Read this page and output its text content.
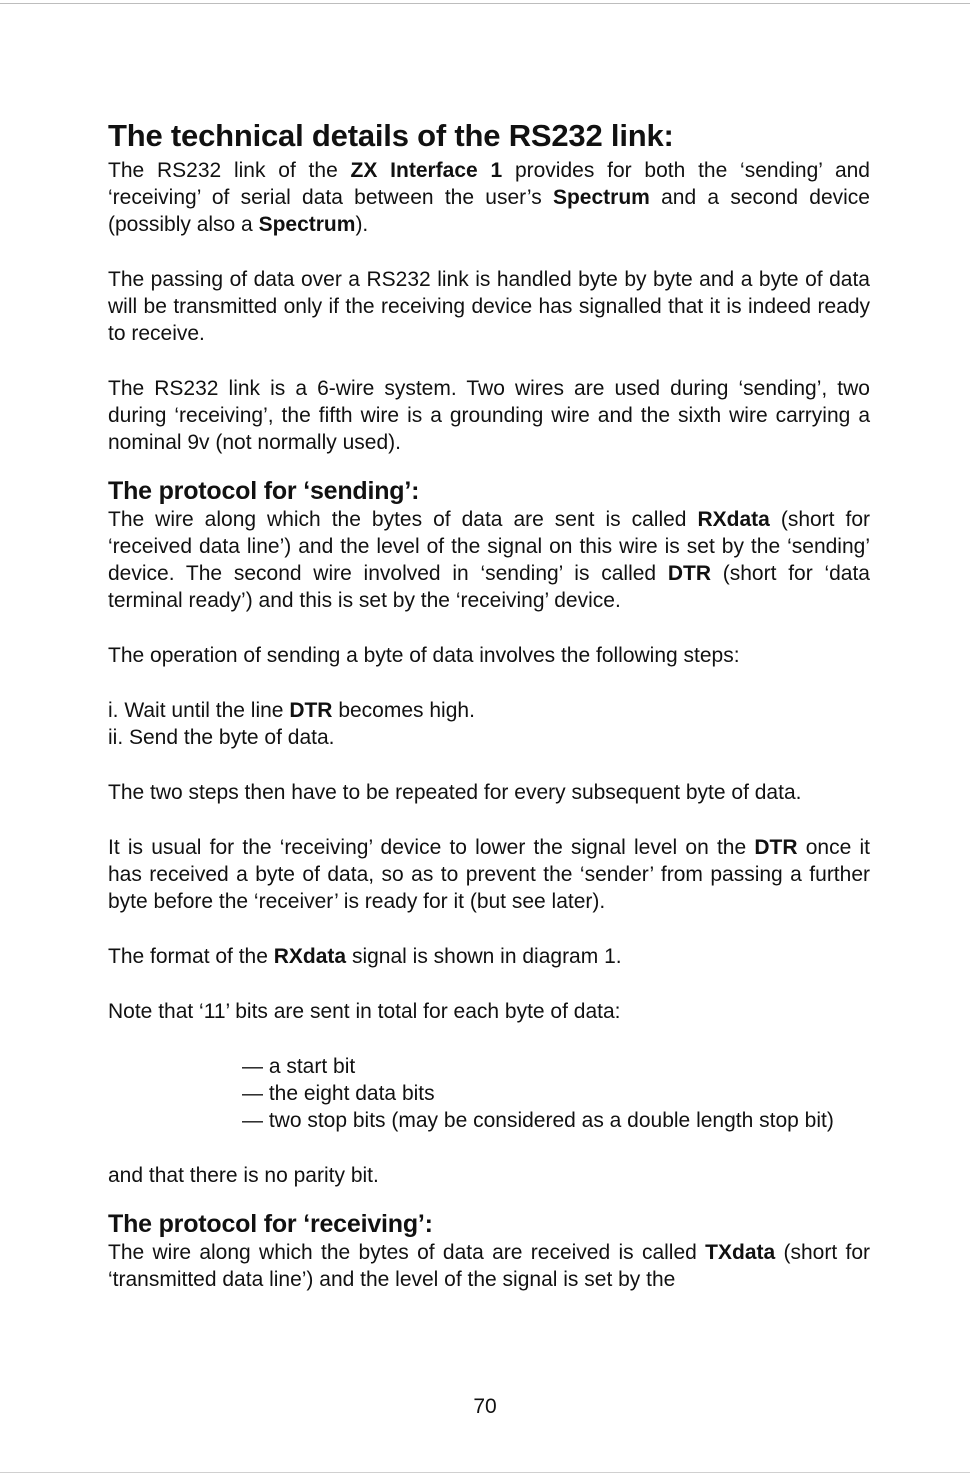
The technical details of the RS232 link:

The RS232 link of the ZX Interface 1 provides for both the ‘sending’ and ‘receiving’ of serial data between the user’s Spectrum and a second device (possibly also a Spectrum).

The passing of data over a RS232 link is handled byte by byte and a byte of data will be transmitted only if the receiving device has signalled that it is indeed ready to receive.

The RS232 link is a 6-wire system. Two wires are used during ‘sending’, two during ‘receiving’, the fifth wire is a grounding wire and the sixth wire carrying a nominal 9v (not normally used).

The protocol for ‘sending’:

The wire along which the bytes of data are sent is called RXdata (short for ‘received data line’) and the level of the signal on this wire is set by the ‘sending’ device. The second wire involved in ‘sending’ is called DTR (short for ‘data terminal ready’) and this is set by the ‘receiving’ device.

The operation of sending a byte of data involves the following steps:

i. Wait until the line DTR becomes high.
ii. Send the byte of data.

The two steps then have to be repeated for every subsequent byte of data.

It is usual for the ‘receiving’ device to lower the signal level on the DTR once it has received a byte of data, so as to prevent the ‘sender’ from passing a further byte before the ‘receiver’ is ready for it (but see later).

The format of the RXdata signal is shown in diagram 1.

Note that ‘11’ bits are sent in total for each byte of data:

— a start bit
— the eight data bits
— two stop bits (may be considered as a double length stop bit)

and that there is no parity bit.

The protocol for ‘receiving’:

The wire along which the bytes of data are received is called TXdata (short for ‘transmitted data line’) and the level of the signal is set by the

70
